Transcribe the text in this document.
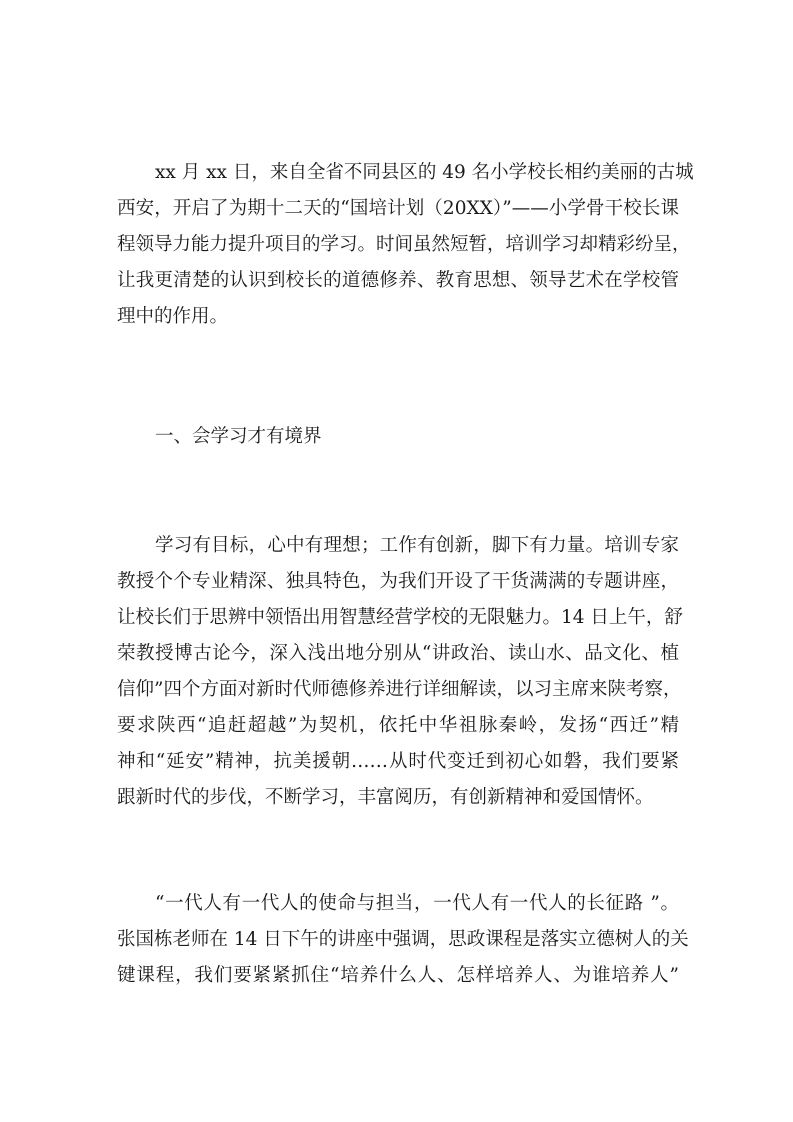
xx 月 xx 日，来自全省不同县区的 49 名小学校长相约美丽的古城
西安，开启了为期十二天的“国培计划（20XX）”——小学骨干校长课
程领导力能力提升项目的学习。时间虽然短暂，培训学习却精彩纷呈，
让我更清楚的认识到校长的道德修养、教育思想、领导艺术在学校管
理中的作用。
一、会学习才有境界
学习有目标，心中有理想；工作有创新，脚下有力量。培训专家
教授个个专业精深、独具特色，为我们开设了干货满满的专题讲座，
让校长们于思辨中领悟出用智慧经营学校的无限魅力。14 日上午，舒
荣教授博古论今，深入浅出地分别从“讲政治、读山水、品文化、植
信仰”四个方面对新时代师德修养进行详细解读，以习主席来陕考察，
要求陕西“追赶超越”为契机，依托中华祖脉秦岭，发扬“西迁”精
神和“延安”精神，抗美援朝……从时代变迁到初心如磐，我们要紧
跟新时代的步伐，不断学习，丰富阅历，有创新精神和爱国情怀。
“一代人有一代人的使命与担当，一代人有一代人的长征路 ”。
张国栋老师在 14 日下午的讲座中强调，思政课程是落实立德树人的关
键课程，我们要紧紧抓住“培养什么人、怎样培养人、为谁培养人”
